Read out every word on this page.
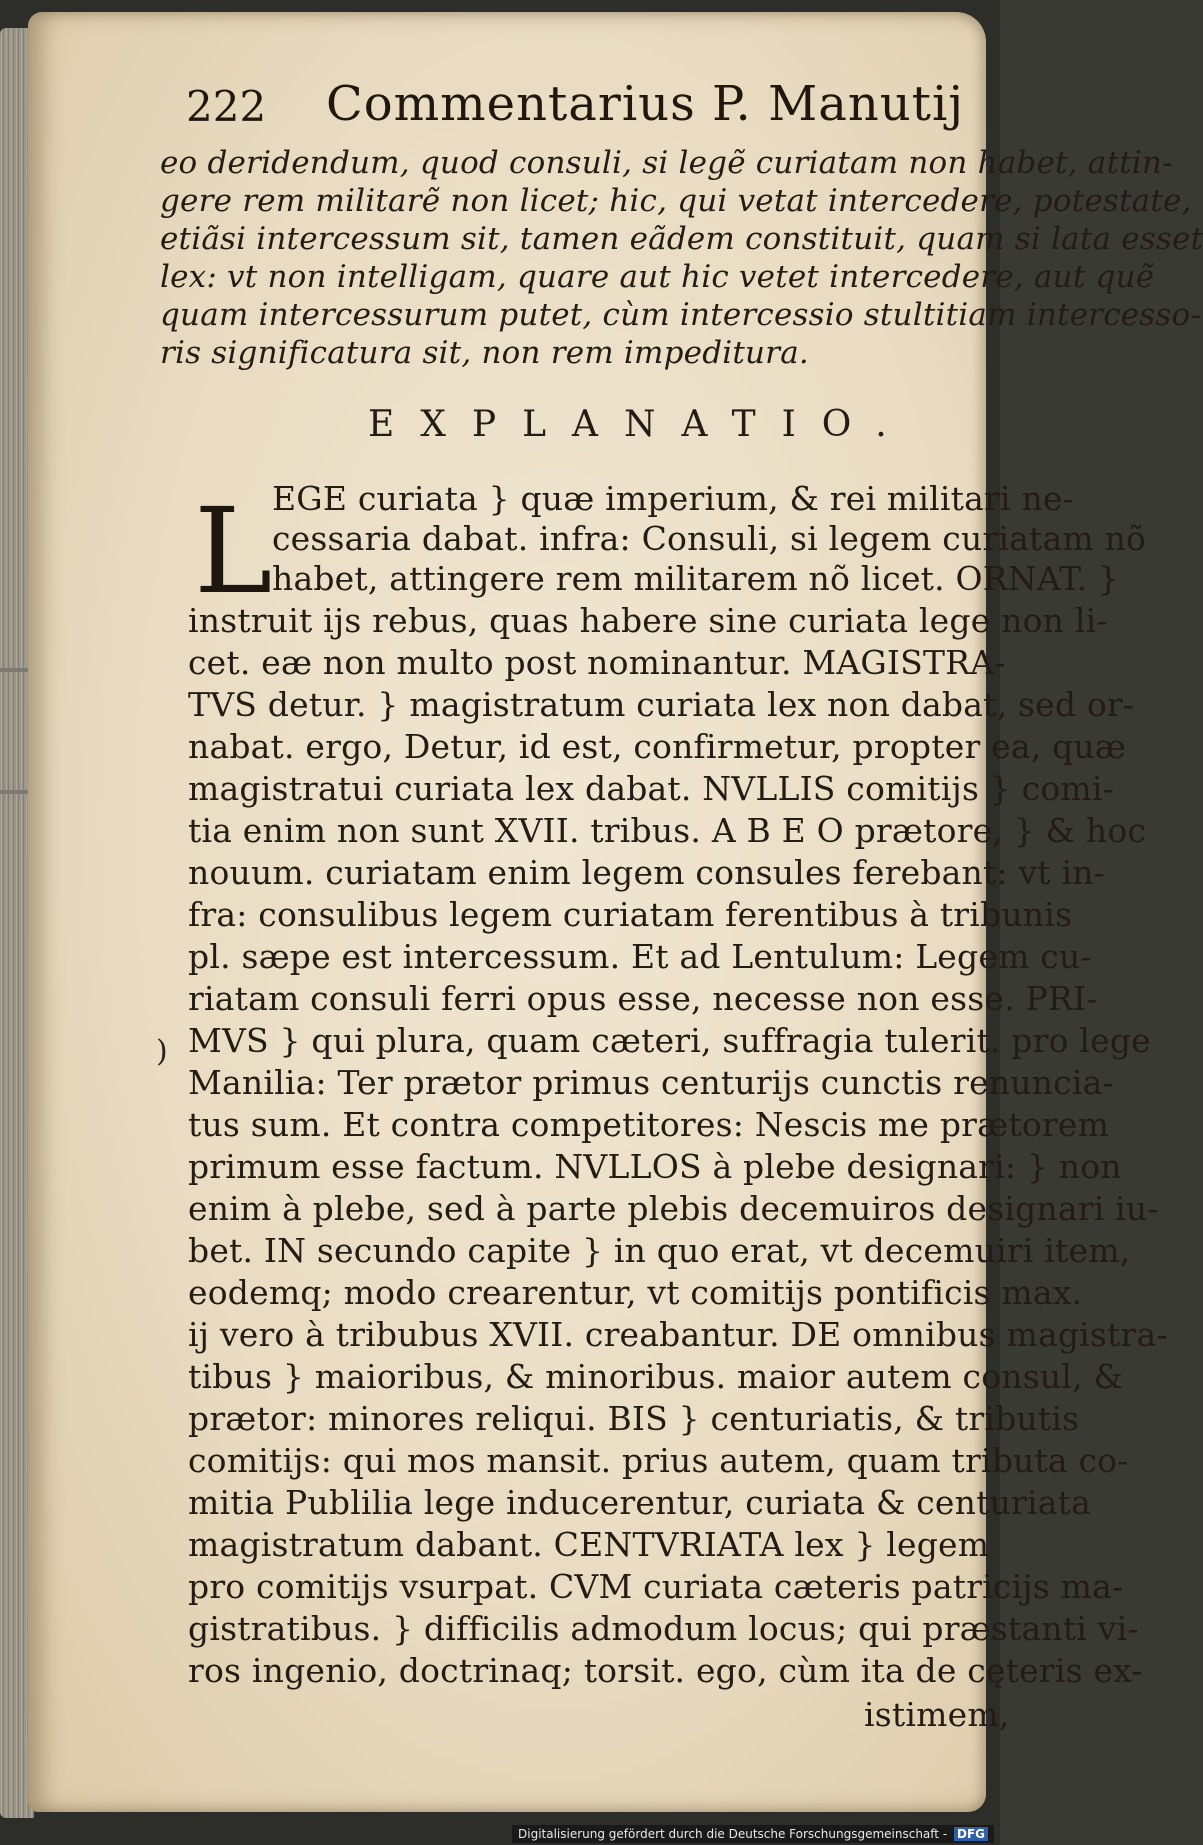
222 Commentarius P. Manutij
eo deridendum, quod consuli, si legẽ curiatam non habet, attin-
gere rem militarẽ non licet; hic, qui vetat intercedere, potestate,
etiãsi intercessum sit, tamen eãdem constituit, quam si lata esset
lex: vt non intelligam, quare aut hic vetet intercedere, aut quẽ
quam intercessurum putet, cùm intercessio stultitiam intercesso-
ris significatura sit, non rem impeditura.
EXPLANATIO.
L EGE curiata } quæ imperium, & rei militari ne-
cessaria dabat. infra: Consuli, si legem curiatam nõ
habet, attingere rem militarem nõ licet. ORNAT. }
instruit ijs rebus, quas habere sine curiata lege non li-
cet. eæ non multo post nominantur. MAGISTRA-
TVS detur. } magistratum curiata lex non dabat, sed or-
nabat. ergo, Detur, id est, confirmetur, propter ea, quæ
magistratui curiata lex dabat. NVLLIS comitijs } comi-
tia enim non sunt XVII. tribus. A B E O prætore, } & hoc
nouum. curiatam enim legem consules ferebant: vt in-
fra: consulibus legem curiatam ferentibus à tribunis
pl. sæpe est intercessum. Et ad Lentulum: Legem cu-
riatam consuli ferri opus esse, necesse non esse. PRI-
MVS } qui plura, quam cæteri, suffragia tulerit. pro lege
Manilia: Ter prætor primus centurijs cunctis renuncia-
tus sum. Et contra competitores: Nescis me prætorem
primum esse factum. NVLLOS à plebe designari: } non
enim à plebe, sed à parte plebis decemuiros designari iu-
bet. IN secundo capite } in quo erat, vt decemuiri item,
eodemq; modo crearentur, vt comitijs pontificis max.
ij vero à tribubus XVII. creabantur. DE omnibus magistra-
tibus } maioribus, & minoribus. maior autem consul, &
prætor: minores reliqui. BIS } centuriatis, & tributis
comitijs: qui mos mansit. prius autem, quam tributa co-
mitia Publilia lege inducerentur, curiata & centuriata
magistratum dabant. CENTVRIATA lex } legem
pro comitijs vsurpat. CVM curiata cæteris patricijs ma-
gistratibus. } difficilis admodum locus; qui præstanti vi-
ros ingenio, doctrinaq; torsit. ego, cùm ita de cęteris ex-
istimem,
)
Digitalisierung gefördert durch die Deutsche Forschungsgemeinschaft - DFG
